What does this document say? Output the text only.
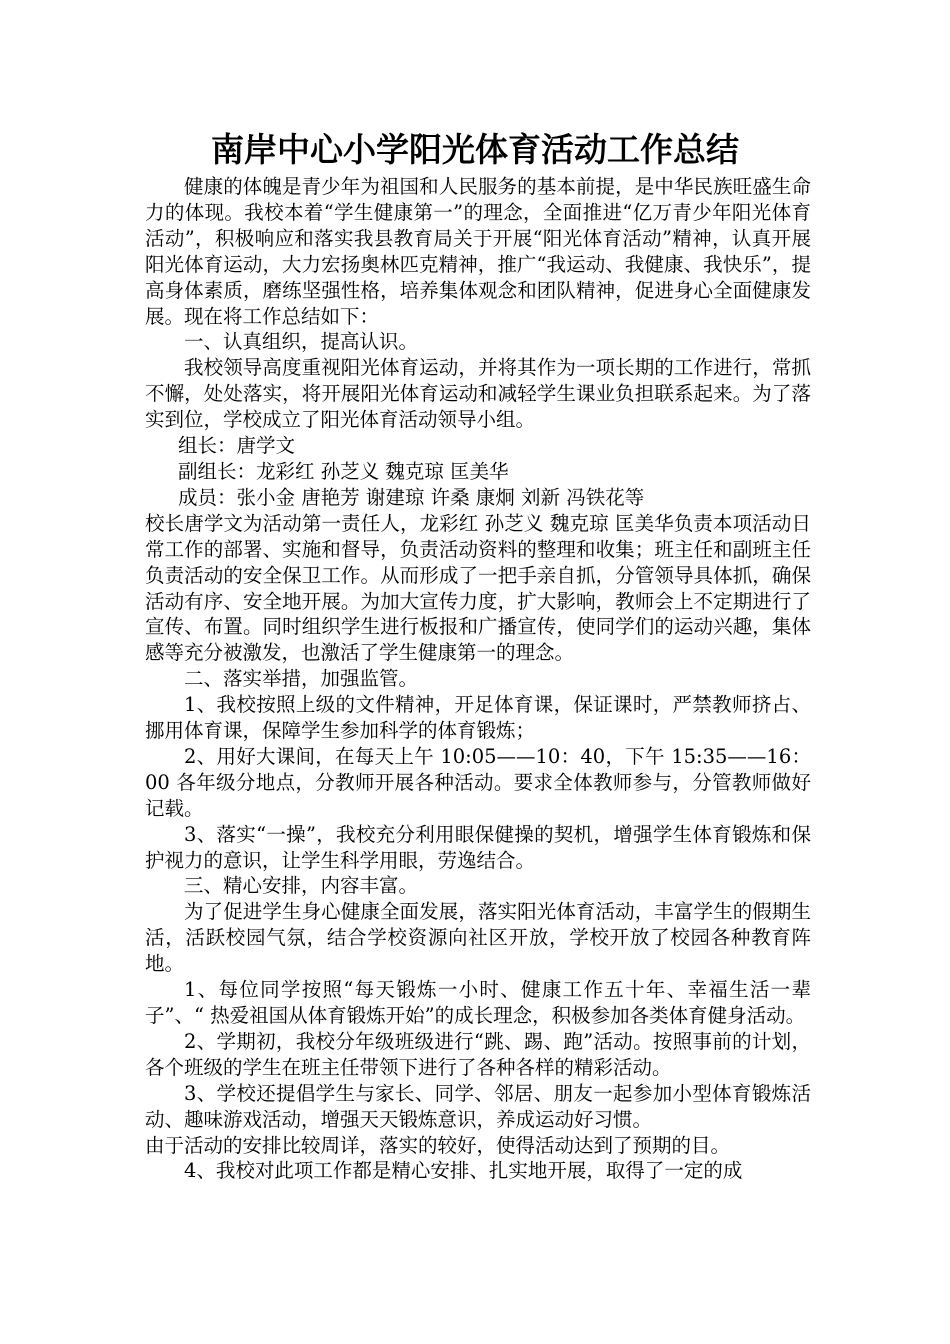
南岸中心小学阳光体育活动工作总结

健康的体魄是青少年为祖国和人民服务的基本前提，是中华民族旺盛生命力的体现。我校本着“学生健康第一”的理念，全面推进“亿万青少年阳光体育活动”，积极响应和落实我县教育局关于开展“阳光体育活动”精神，认真开展阳光体育运动，大力宏扬奥林匹克精神，推广“我运动、我健康、我快乐”，提高身体素质，磨练坚强性格，培养集体观念和团队精神，促进身心全面健康发展。现在将工作总结如下：

一、认真组织，提高认识。

我校领导高度重视阳光体育运动，并将其作为一项长期的工作进行，常抓不懈，处处落实，将开展阳光体育运动和减轻学生课业负担联系起来。为了落实到位，学校成立了阳光体育活动领导小组。

组长：唐学文

副组长：龙彩红 孙芝义 魏克琼 匡美华

成员：张小金 唐艳芳 谢建琼 许桑 康炯 刘新 冯铁花等

校长唐学文为活动第一责任人，龙彩红 孙芝义 魏克琼 匡美华负责本项活动日常工作的部署、实施和督导，负责活动资料的整理和收集；班主任和副班主任负责活动的安全保卫工作。从而形成了一把手亲自抓，分管领导具体抓，确保活动有序、安全地开展。为加大宣传力度，扩大影响，教师会上不定期进行了宣传、布置。同时组织学生进行板报和广播宣传，使同学们的运动兴趣，集体感等充分被激发，也激活了学生健康第一的理念。

二、落实举措，加强监管。

1、我校按照上级的文件精神，开足体育课，保证课时，严禁教师挤占、挪用体育课，保障学生参加科学的体育锻炼；

2、用好大课间，在每天上午 10:05——10：40，下午 15:35——16：00 各年级分地点，分教师开展各种活动。要求全体教师参与，分管教师做好记载。

3、落实“一操”，我校充分利用眼保健操的契机，增强学生体育锻炼和保护视力的意识，让学生科学用眼，劳逸结合。

三、精心安排，内容丰富。

为了促进学生身心健康全面发展，落实阳光体育活动，丰富学生的假期生活，活跃校园气氛，结合学校资源向社区开放，学校开放了校园各种教育阵地。

1、每位同学按照“每天锻炼一小时、健康工作五十年、幸福生活一辈子”、“ 热爱祖国从体育锻炼开始”的成长理念，积极参加各类体育健身活动。

2、学期初，我校分年级班级进行“跳、踢、跑”活动。按照事前的计划，各个班级的学生在班主任带领下进行了各种各样的精彩活动。

3、学校还提倡学生与家长、同学、邻居、朋友一起参加小型体育锻炼活动、趣味游戏活动，增强天天锻炼意识，养成运动好习惯。

由于活动的安排比较周详，落实的较好，使得活动达到了预期的目。

4、我校对此项工作都是精心安排、扎实地开展，取得了一定的成
